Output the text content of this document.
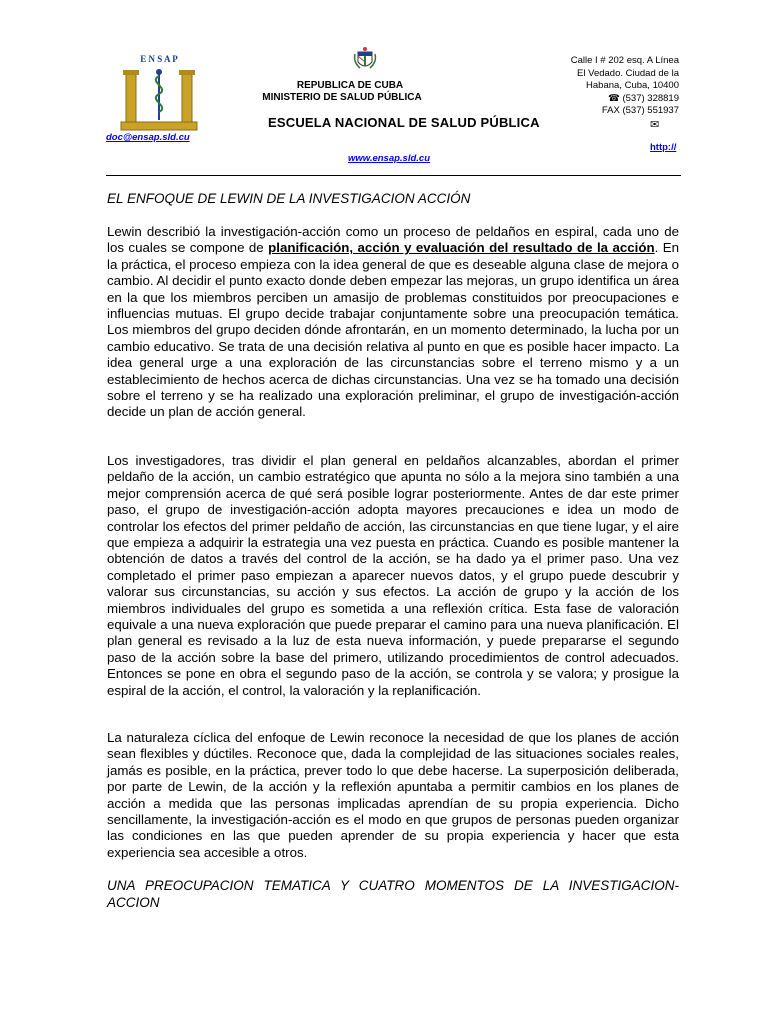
E N S A P
REPUBLICA DE CUBA
MINISTERIO DE SALUD PÚBLICA
ESCUELA NACIONAL DE SALUD PÚBLICA
Calle I # 202 esq. A Línea
El Vedado. Ciudad de la
Habana, Cuba, 10400
☎ (537) 328819
FAX (537) 551937
✉
http://
doc@ensap.sld.cu
www.ensap.sld.cu
EL ENFOQUE DE LEWIN DE LA INVESTIGACION ACCIÓN

Lewin describió la investigación-acción como un proceso de peldaños en espiral, cada uno de los cuales se compone de planificación, acción y evaluación del resultado de la acción. En la práctica, el proceso empieza con la idea general de que es deseable alguna clase de mejora o cambio. Al decidir el punto exacto donde deben empezar las mejoras, un grupo identifica un área en la que los miembros perciben un amasijo de problemas constituidos por preocupaciones e influencias mutuas. El grupo decide trabajar conjuntamente sobre una preocupación temática. Los miembros del grupo deciden dónde afrontarán, en un momento determinado, la lucha por un cambio educativo. Se trata de una decisión relativa al punto en que es posible hacer impacto. La idea general urge a una exploración de las circunstancias sobre el terreno mismo y a un establecimiento de hechos acerca de dichas circunstancias. Una vez se ha tomado una decisión sobre el terreno y se ha realizado una exploración preliminar, el grupo de investigación-acción decide un plan de acción general.

Los investigadores, tras dividir el plan general en peldaños alcanzables, abordan el primer peldaño de la acción, un cambio estratégico que apunta no sólo a la mejora sino también a una mejor comprensión acerca de qué será posible lograr posteriormente. Antes de dar este primer paso, el grupo de investigación-acción adopta mayores precauciones e idea un modo de controlar los efectos del primer peldaño de acción, las circunstancias en que tiene lugar, y el aire que empieza a adquirir la estrategia una vez puesta en práctica. Cuando es posible mantener la obtención de datos a través del control de la acción, se ha dado ya el primer paso. Una vez completado el primer paso empiezan a aparecer nuevos datos, y el grupo puede descubrir y valorar sus circunstancias, su acción y sus efectos. La acción de grupo y la acción de los miembros individuales del grupo es sometida a una reflexión crítica. Esta fase de valoración equivale a una nueva exploración que puede preparar el camino para una nueva planificación. El plan general es revisado a la luz de esta nueva información, y puede prepararse el segundo paso de la acción sobre la base del primero, utilizando procedimientos de control adecuados. Entonces se pone en obra el segundo paso de la acción, se controla y se valora; y prosigue la espiral de la acción, el control, la valoración y la replanificación.

La naturaleza cíclica del enfoque de Lewin reconoce la necesidad de que los planes de acción sean flexibles y dúctiles. Reconoce que, dada la complejidad de las situaciones sociales reales, jamás es posible, en la práctica, prever todo lo que debe hacerse. La superposición deliberada, por parte de Lewin, de la acción y la reflexión apuntaba a permitir cambios en los planes de acción a medida que las personas implicadas aprendían de su propia experiencia. Dicho sencillamente, la investigación-acción es el modo en que grupos de personas pueden organizar las condiciones en las que pueden aprender de su propia experiencia y hacer que esta experiencia sea accesible a otros.

UNA PREOCUPACION TEMATICA Y CUATRO MOMENTOS DE LA INVESTIGACION-ACCION
